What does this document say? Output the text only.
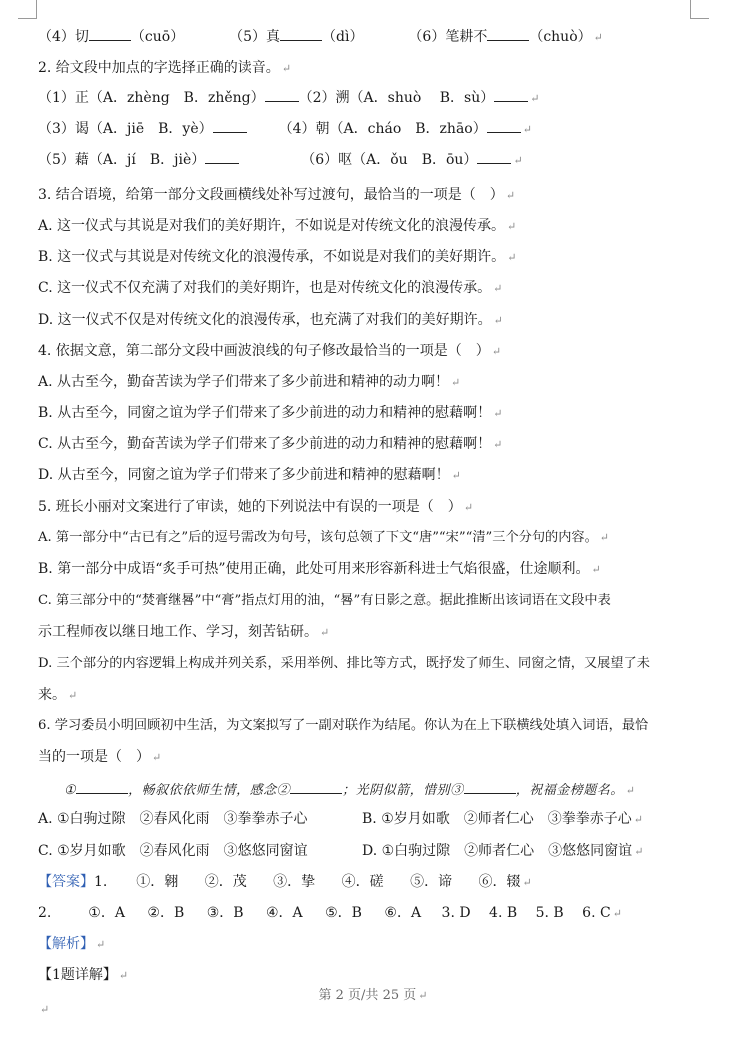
（4）切	（cuō）	（5）真	（dì）	（6）笔耕不	（chuò） ↵
2. 给文段中加点的字选择正确的读音。 ↵
（1）正（A．zhèng　B．zhěng） （2）溯（A．shuò　 B．sù）	↵
（3）谒（A．jiē　B．yè）	（4）朝（A．cháo　B．zhāo）	↵
（5）藉（A．jí　B．jiè）	（6）呕（A．ǒu　B．ōu）	↵
3. 结合语境，给第一部分文段画横线处补写过渡句，最恰当的一项是（　） ↵
A. 这一仪式与其说是对我们的美好期许，不如说是对传统文化的浪漫传承。 ↵
B. 这一仪式与其说是对传统文化的浪漫传承，不如说是对我们的美好期许。 ↵
C. 这一仪式不仅充满了对我们的美好期许，也是对传统文化的浪漫传承。 ↵
D. 这一仪式不仅是对传统文化的浪漫传承，也充满了对我们的美好期许。 ↵
4. 依据文意，第二部分文段中画波浪线的句子修改最恰当的一项是（　） ↵
A. 从古至今，勤奋苦读为学子们带来了多少前进和精神的动力啊！ ↵
B. 从古至今，同窗之谊为学子们带来了多少前进的动力和精神的慰藉啊！ ↵
C. 从古至今，勤奋苦读为学子们带来了多少前进的动力和精神的慰藉啊！ ↵
D. 从古至今，同窗之谊为学子们带来了多少前进和精神的慰藉啊！ ↵
5. 班长小丽对文案进行了审读，她的下列说法中有误的一项是（　） ↵
A. 第一部分中“古已有之”后的逗号需改为句号，该句总领了下文“唐”“宋”“清”三个分句的内容。 ↵
B. 第一部分中成语“炙手可热”使用正确，此处可用来形容新科进士气焰很盛，仕途顺利。 ↵
C. 第三部分中的“焚膏继晷”中“膏”指点灯用的油，“晷”有日影之意。据此推断出该词语在文段中表
示工程师夜以继日地工作、学习，刻苦钻研。 ↵
D. 三个部分的内容逻辑上构成并列关系，采用举例、排比等方式，既抒发了师生、同窗之情，又展望了未
来。 ↵
6. 学习委员小明回顾初中生活，为文案拟写了一副对联作为结尾。你认为在上下联横线处填入词语，最恰
当的一项是（　） ↵
①	，畅叙依依师生情，感念②	；光阴似箭，惜别③	，祝福金榜题名。 ↵
A. ①白驹过隙　②春风化雨　③拳拳赤子心	B. ①岁月如歌　②师者仁心　③拳拳赤子心 ↵
C. ①岁月如歌　②春风化雨　③悠悠同窗谊	D. ①白驹过隙　②师者仁心　③悠悠同窗谊 ↵
【答案】1. ①．翱 ②．茂 ③．挚 ④．磋 ⑤．谛 ⑥．辍 ↵
2.	①．A ②．B ③．B ④．A ⑤．B ⑥．A 3. D 4. B 5. B 6. C ↵
【解析】 ↵
【1题详解】 ↵
第 2 页/共 25 页 ↵
↵
